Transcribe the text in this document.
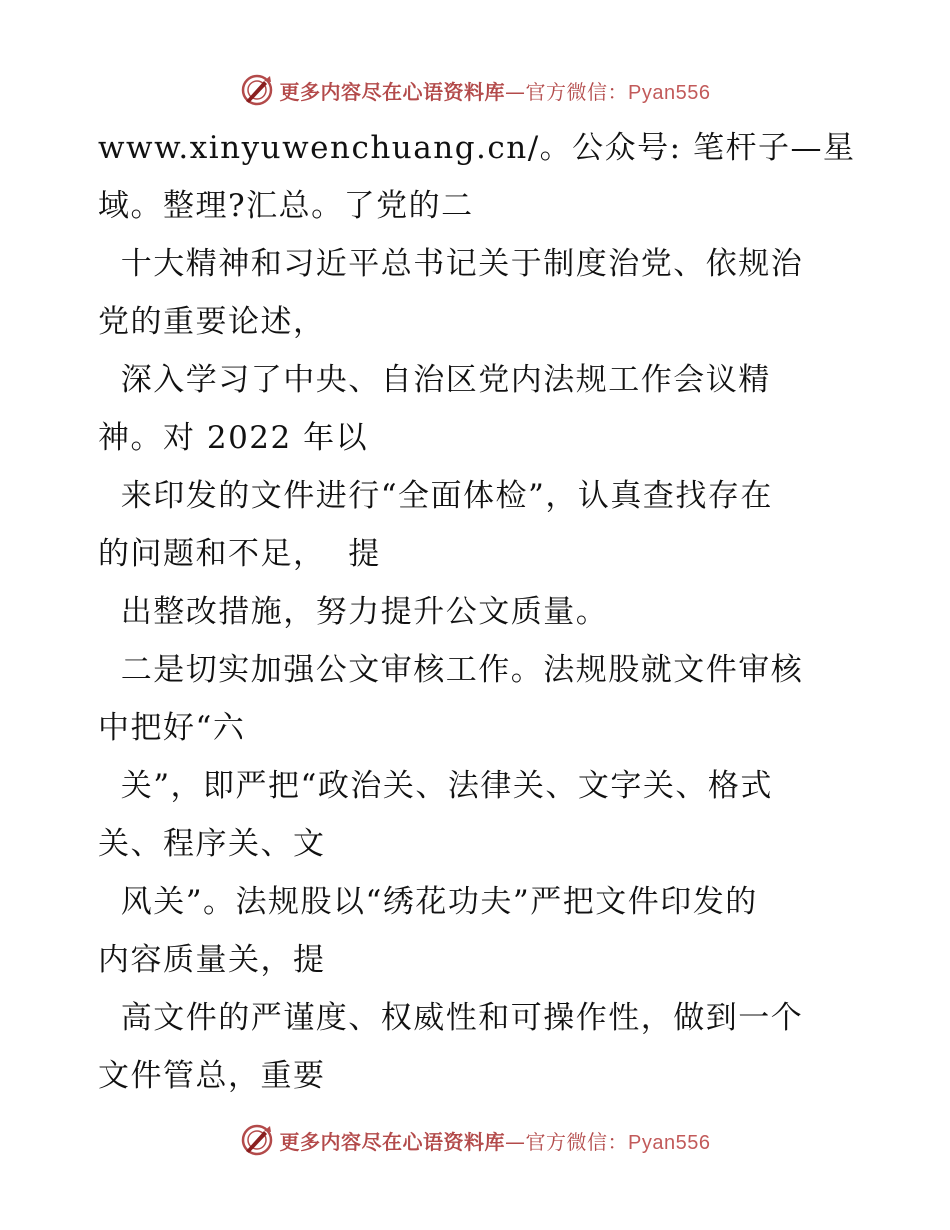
更多内容尽在心语资料库—官方微信：Pyan556
www.xinyuwenchuang.cn/。公众号: 笔杆子—星
域。整理?汇总。了党的二
十大精神和习近平总书记关于制度治党、依规治
党的重要论述，
深入学习了中央、自治区党内法规工作会议精
神。对 2022 年以
来印发的文件进行“全面体检”，认真查找存在
的问题和不足，  提
出整改措施，努力提升公文质量。
二是切实加强公文审核工作。法规股就文件审核
中把好“六
关”，即严把“政治关、法律关、文字关、格式
关、程序关、文
风关”。法规股以“绣花功夫”严把文件印发的
内容质量关，提
高文件的严谨度、权威性和可操作性，做到一个
文件管总，重要
更多内容尽在心语资料库—官方微信：Pyan556
